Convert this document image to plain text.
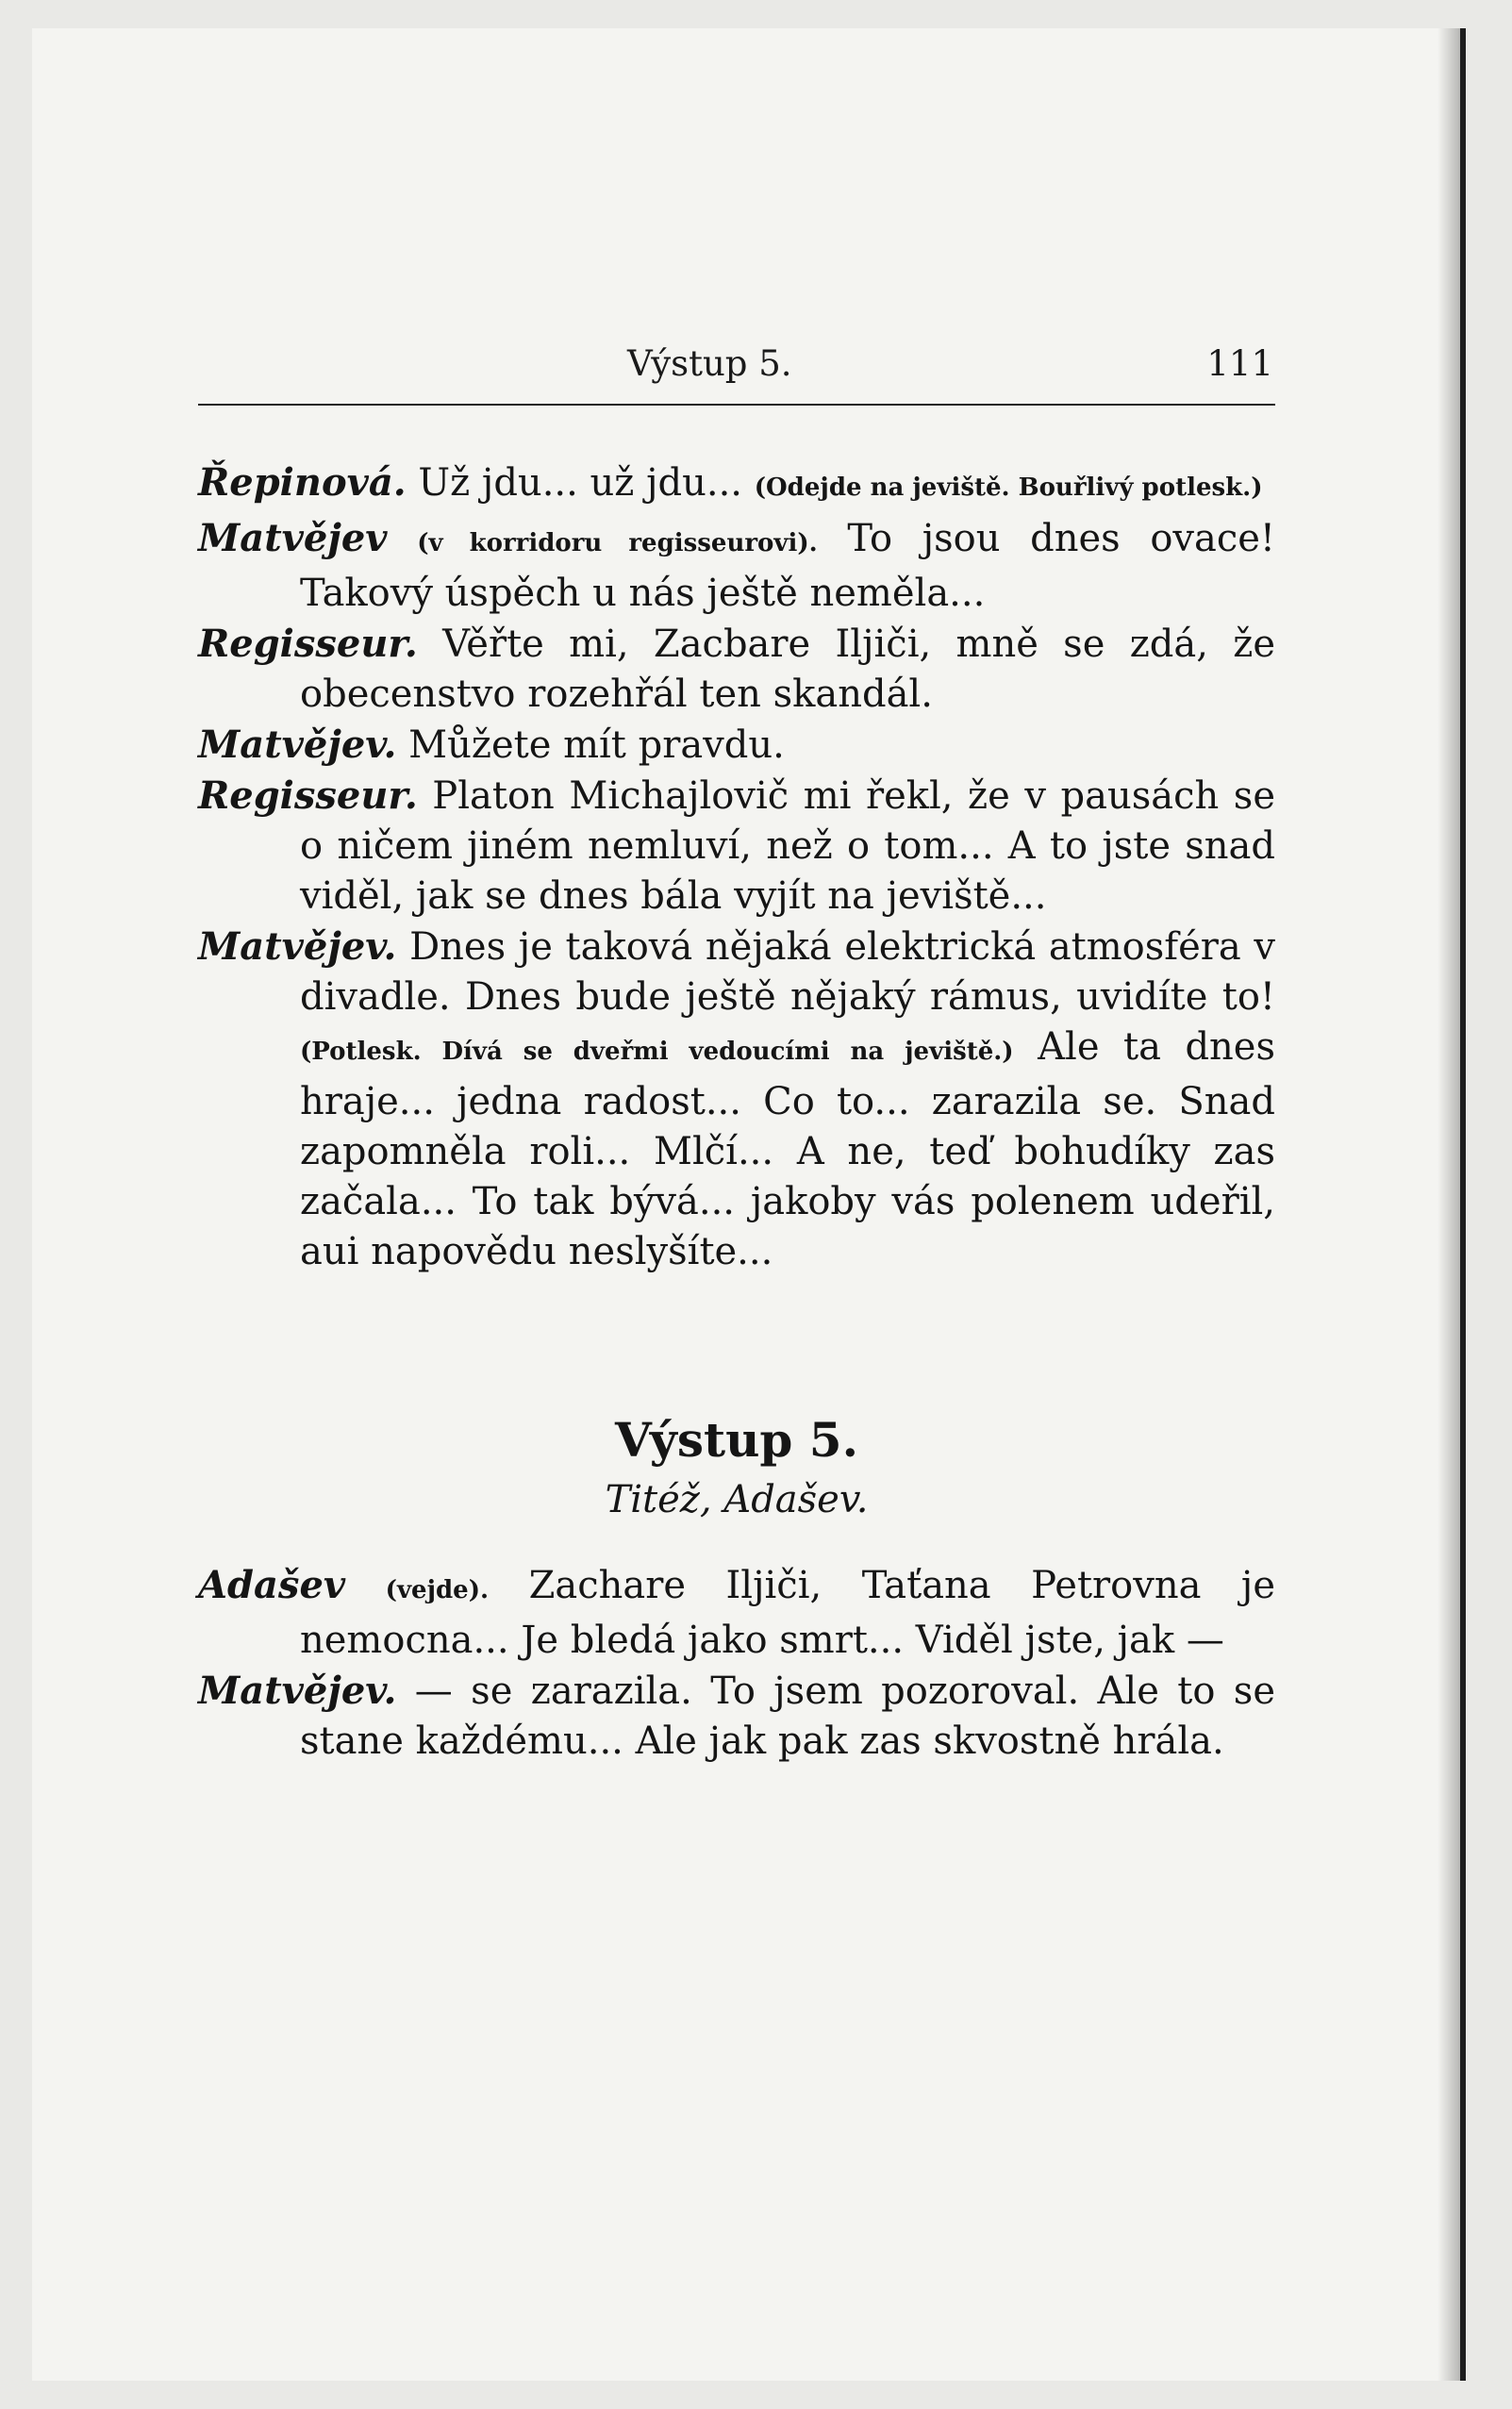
Výstup 5.	111

Řepinová. Už jdu... už jdu... (Odejde na jeviště. Bouřlivý potlesk.)

Matvějev (v korridoru regisseurovi). To jsou dnes ovace! Takový úspěch u nás ještě neměla...

Regisseur. Věřte mi, Zacbare Iljiči, mně se zdá, že obecenstvo rozehřál ten skandál.

Matvějev. Můžete mít pravdu.

Regisseur. Platon Michajlovič mi řekl, že v pausách se o ničem jiném nemluví, než o tom... A to jste snad viděl, jak se dnes bála vyjít na jeviště...

Matvějev. Dnes je taková nějaká elektrická atmosféra v divadle. Dnes bude ještě nějaký rámus, uvidíte to! (Potlesk. Dívá se dveřmi vedoucími na jeviště.) Ale ta dnes hraje... jedna radost... Co to... zarazila se. Snad zapomněla roli... Mlčí... A ne, teď bohudíky zas začala... To tak bývá... jakoby vás polenem udeřil, aui napovědu neslyšíte...

Výstup 5.

Titéž, Adašev.

Adašev (vejde). Zachare Iljiči, Taťana Petrovna je nemocna... Je bledá jako smrt... Viděl jste, jak —

Matvějev. — se zarazila. To jsem pozoroval. Ale to se stane každému... Ale jak pak zas skvostně hrála.
